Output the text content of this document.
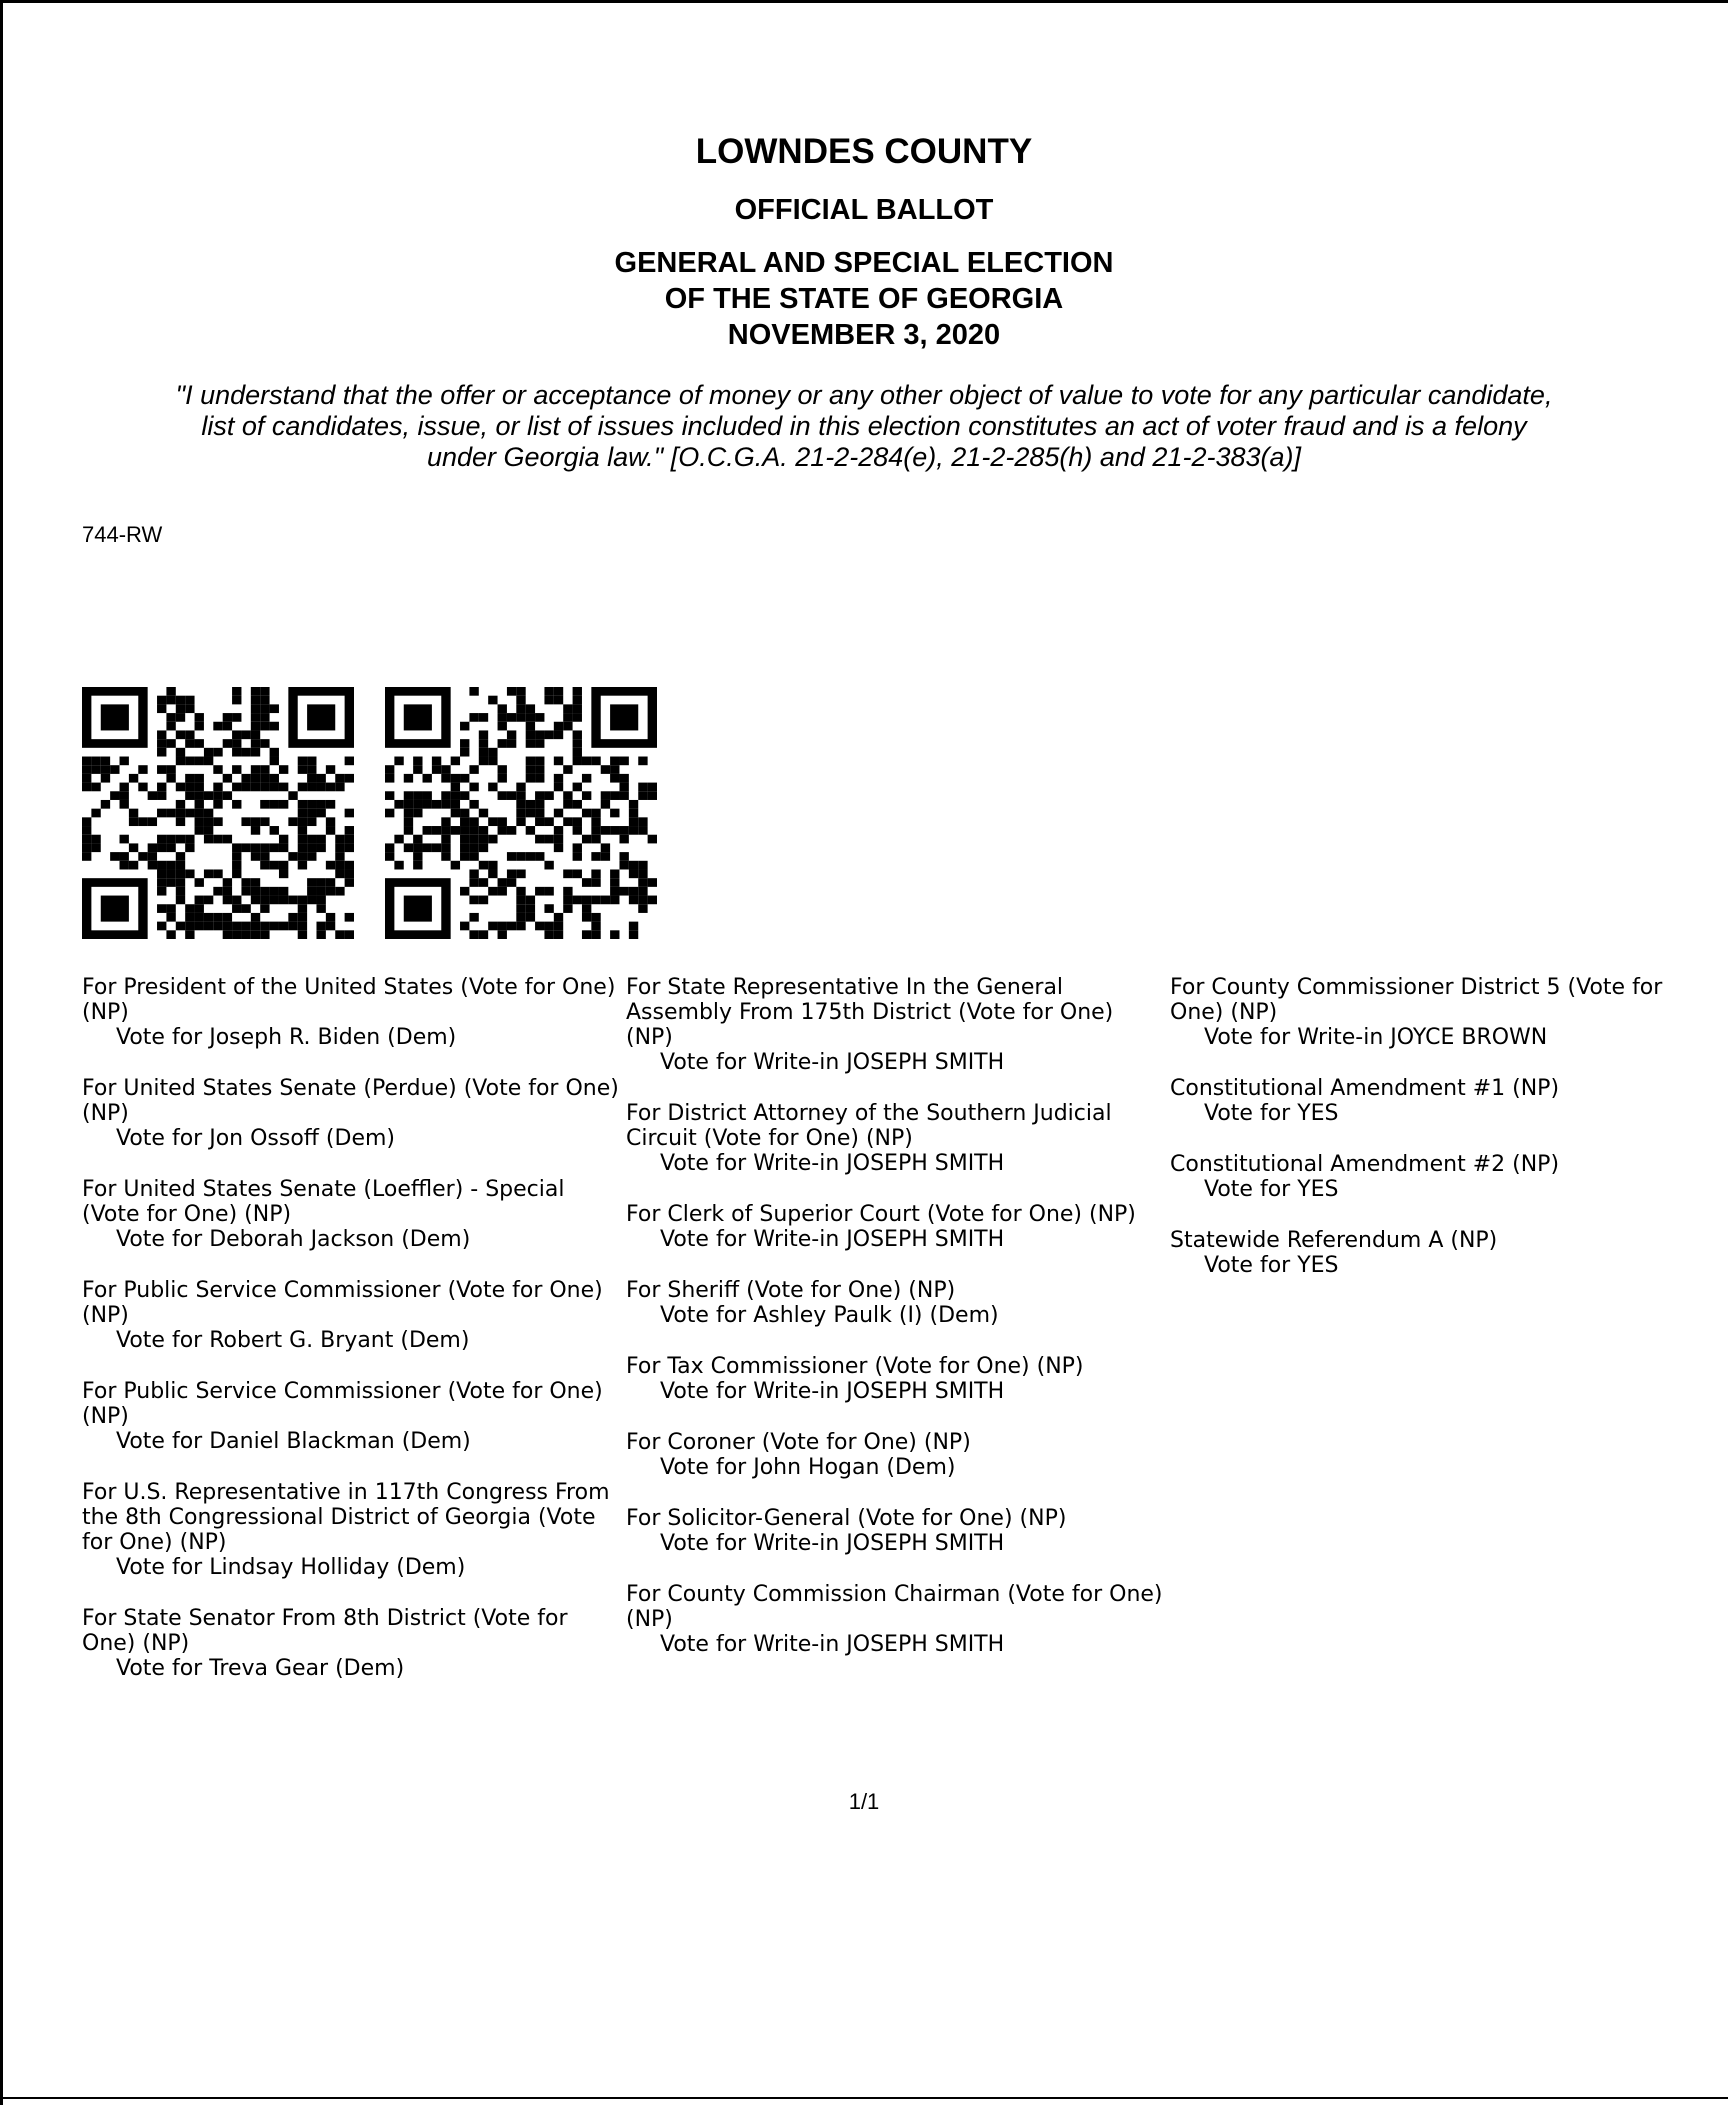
LOWNDES COUNTY
OFFICIAL BALLOT
GENERAL AND SPECIAL ELECTION
OF THE STATE OF GEORGIA
NOVEMBER 3, 2020
"I understand that the offer or acceptance of money or any other object of value to vote for any particular candidate,
list of candidates, issue, or list of issues included in this election constitutes an act of voter fraud and is a felony
under Georgia law." [O.C.G.A. 21-2-284(e), 21-2-285(h) and 21-2-383(a)]
744-RW
For President of the United States (Vote for One) (NP)
Vote for Joseph R. Biden (Dem)
For United States Senate (Perdue) (Vote for One) (NP)
Vote for Jon Ossoff (Dem)
For United States Senate (Loeffler) - Special (Vote for One) (NP)
Vote for Deborah Jackson (Dem)
For Public Service Commissioner (Vote for One) (NP)
Vote for Robert G. Bryant (Dem)
For Public Service Commissioner (Vote for One) (NP)
Vote for Daniel Blackman (Dem)
For U.S. Representative in 117th Congress From the 8th Congressional District of Georgia (Vote for One) (NP)
Vote for Lindsay Holliday (Dem)
For State Senator From 8th District (Vote for One) (NP)
Vote for Treva Gear (Dem)
For State Representative In the General Assembly From 175th District (Vote for One) (NP)
Vote for Write-in JOSEPH SMITH
For District Attorney of the Southern Judicial Circuit (Vote for One) (NP)
Vote for Write-in JOSEPH SMITH
For Clerk of Superior Court (Vote for One) (NP)
Vote for Write-in JOSEPH SMITH
For Sheriff (Vote for One) (NP)
Vote for Ashley Paulk (I) (Dem)
For Tax Commissioner (Vote for One) (NP)
Vote for Write-in JOSEPH SMITH
For Coroner (Vote for One) (NP)
Vote for John Hogan (Dem)
For Solicitor-General (Vote for One) (NP)
Vote for Write-in JOSEPH SMITH
For County Commission Chairman (Vote for One) (NP)
Vote for Write-in JOSEPH SMITH
For County Commissioner District 5 (Vote for One) (NP)
Vote for Write-in JOYCE BROWN
Constitutional Amendment #1 (NP)
Vote for YES
Constitutional Amendment #2 (NP)
Vote for YES
Statewide Referendum A (NP)
Vote for YES
1/1
